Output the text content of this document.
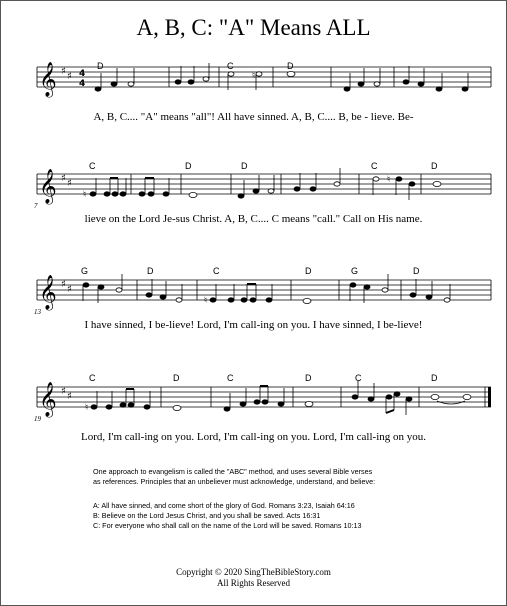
A, B, C: "A" Means ALL
D	C	D
𝄞 ♯ ♯ 4
4
♮
A, B, C.... "A" means "all"! All have sinned. A, B, C.... B, be - lieve. Be-
C	D	D	C	D
7
𝄞 ♯ ♯
♮
♮
lieve on the Lord Je-sus Christ. A, B, C.... C means "call." Call on His name.
G	D	C	D	G	D
13
𝄞 ♯ ♯
♮
I have sinned, I be-lieve! Lord, I'm call-ing on you. I have sinned, I be-lieve!
C	D	C	D	C	D
19
𝄞 ♯ ♯
♮
Lord, I'm call-ing on you. Lord, I'm call-ing on you. Lord, I'm call-ing on you.
One approach to evangelism is called the "ABC" method, and uses several Bible verses
as references. Principles that an unbeliever must acknowledge, understand, and believe:
A: All have sinned, and come short of the glory of God. Romans 3:23, Isaiah 64:16
B: Believe on the Lord Jesus Christ, and you shall be saved. Acts 16:31
C: For everyone who shall call on the name of the Lord will be saved. Romans 10:13
Copyright © 2020 SingTheBibleStory.com
All Rights Reserved
